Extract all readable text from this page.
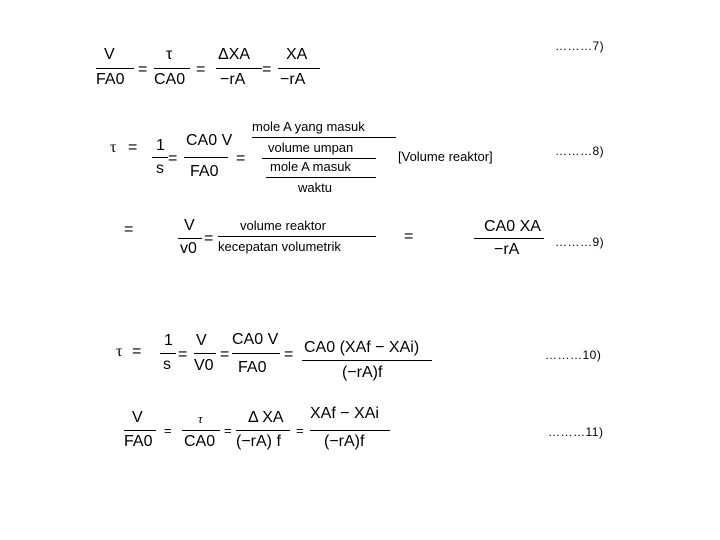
V
FA0
=
τ
CA0
=
ΔXA
−rA
=
XA
−rA
………7)
τ = 1
s
=
CA0 V
FA0
=
mole A yang masuk
volume umpan
mole A masuk
waktu
[Volume reaktor]	………8)
=	V
v0
=
volume reaktor
kecepatan volumetrik
=
CA0 XA
−rA	………9)
τ =
1
s
=
V
V0
=
CA0 V
FA0
= CA0 (XAf − XAi)
(−rA)f
………10)
V
FA0
=
τ
CA0
=
Δ XA
(−rA) f
=
XAf − XAi
(−rA)f
………11)
